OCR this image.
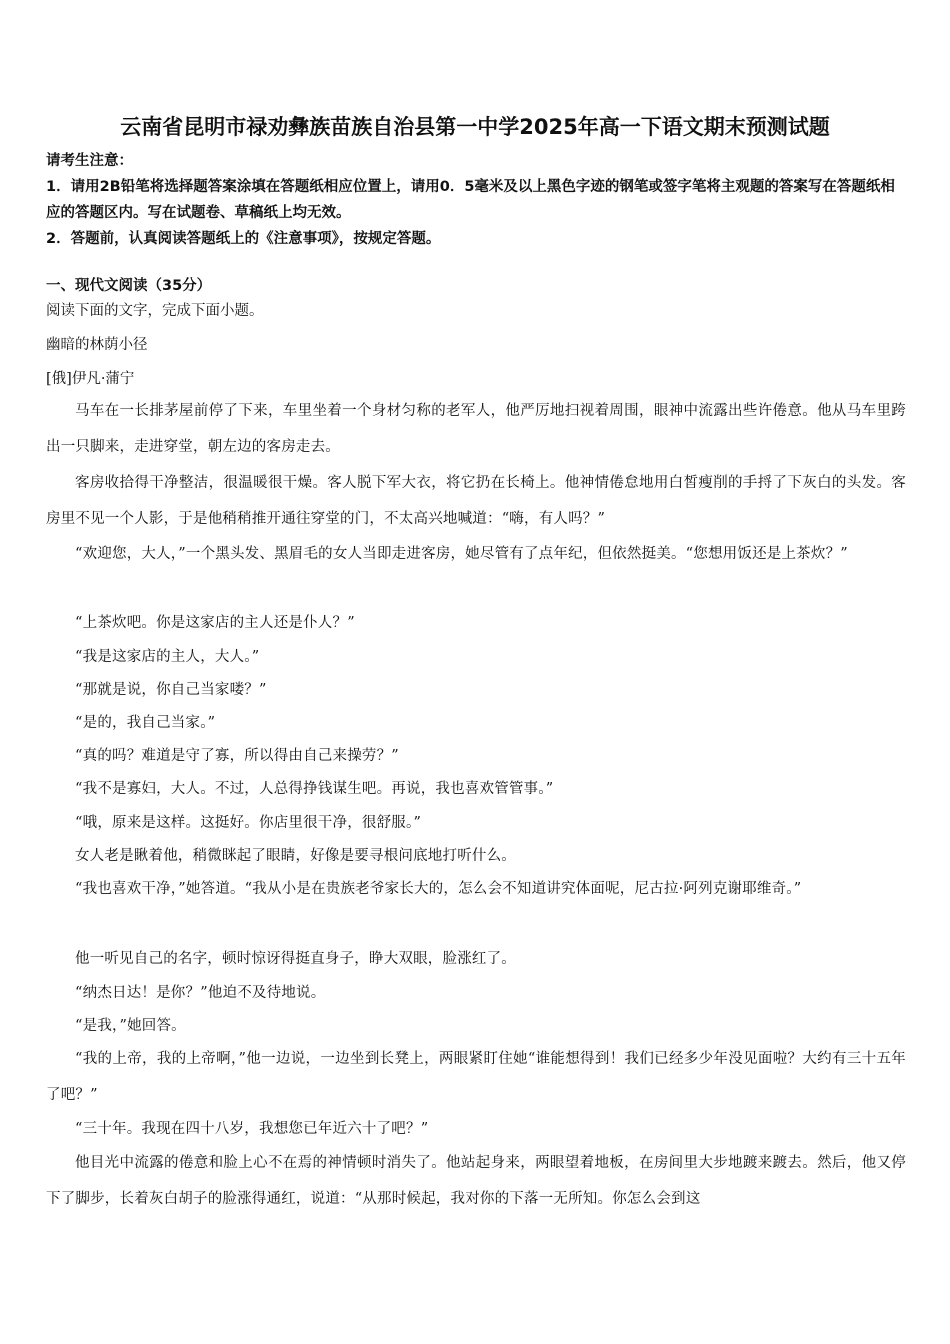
云南省昆明市禄劝彝族苗族自治县第一中学2025年高一下语文期末预测试题
请考生注意：
1．请用2B铅笔将选择题答案涂填在答题纸相应位置上，请用0．5毫米及以上黑色字迹的钢笔或签字笔将主观题的答案写在答题纸相应的答题区内。写在试题卷、草稿纸上均无效。
2．答题前，认真阅读答题纸上的《注意事项》，按规定答题。
一、现代文阅读（35分）
阅读下面的文字，完成下面小题。
幽暗的林荫小径
[俄]伊凡·蒲宁
马车在一长排茅屋前停了下来，车里坐着一个身材匀称的老军人，他严厉地扫视着周围，眼神中流露出些许倦意。他从马车里跨出一只脚来，走进穿堂，朝左边的客房走去。
客房收拾得干净整洁，很温暖很干燥。客人脱下军大衣，将它扔在长椅上。他神情倦怠地用白皙瘦削的手捋了下灰白的头发。客房里不见一个人影，于是他稍稍推开通往穿堂的门，不太高兴地喊道：“嗨，有人吗？”
“欢迎您，大人，”一个黑头发、黑眉毛的女人当即走进客房，她尽管有了点年纪，但依然挺美。“您想用饭还是上茶炊？”
“上茶炊吧。你是这家店的主人还是仆人？”
“我是这家店的主人，大人。”
“那就是说，你自己当家喽？”
“是的，我自己当家。”
“真的吗？难道是守了寡，所以得由自己来操劳？”
“我不是寡妇，大人。不过，人总得挣钱谋生吧。再说，我也喜欢管管事。”
“哦，原来是这样。这挺好。你店里很干净，很舒服。”
女人老是瞅着他，稍微眯起了眼睛，好像是要寻根问底地打听什么。
“我也喜欢干净，”她答道。“我从小是在贵族老爷家长大的，怎么会不知道讲究体面呢，尼古拉·阿列克谢耶维奇。”
他一听见自己的名字，顿时惊讶得挺直身子，睁大双眼，脸涨红了。
“纳杰日达！是你？”他迫不及待地说。
“是我，”她回答。
“我的上帝，我的上帝啊，”他一边说，一边坐到长凳上，两眼紧盯住她“谁能想得到！我们已经多少年没见面啦？大约有三十五年了吧？”
“三十年。我现在四十八岁，我想您已年近六十了吧？”
他目光中流露的倦意和脸上心不在焉的神情顿时消失了。他站起身来，两眼望着地板，在房间里大步地踱来踱去。然后，他又停下了脚步，长着灰白胡子的脸涨得通红，说道：“从那时候起，我对你的下落一无所知。你怎么会到这
